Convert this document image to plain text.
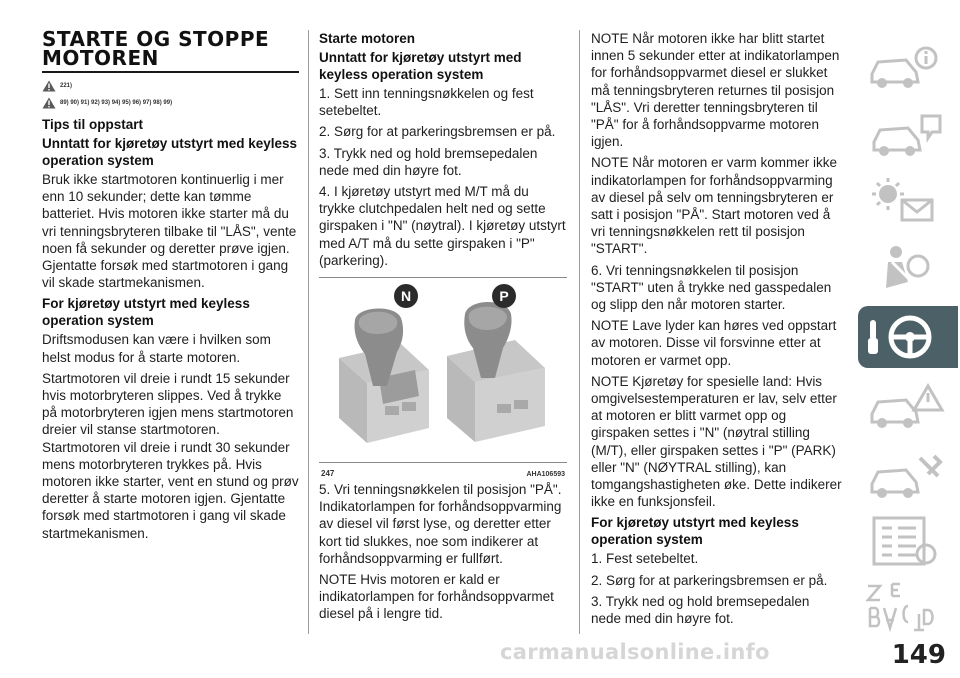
STARTE OG STOPPE
MOTOREN
221)
89) 90) 91) 92) 93) 94) 95) 96) 97) 98) 99)
Tips til oppstart
Unntatt for kjøretøy utstyrt med keyless operation system

Bruk ikke startmotoren kontinuerlig i mer enn 10 sekunder; dette kan tømme batteriet. Hvis motoren ikke starter må du vri tenningsbryteren tilbake til "LÅS", vente noen få sekunder og deretter prøve igjen. Gjentatte forsøk med startmotoren i gang vil skade startmekanismen.

For kjøretøy utstyrt med keyless operation system

Driftsmodusen kan være i hvilken som helst modus for å starte motoren.

Startmotoren vil dreie i rundt 15 sekunder hvis motorbryteren slippes. Ved å trykke på motorbryteren igjen mens startmotoren dreier vil stanse startmotoren. Startmotoren vil dreie i rundt 30 sekunder mens motorbryteren trykkes på. Hvis motoren ikke starter, vent en stund og prøv deretter å starte motoren igjen. Gjentatte forsøk med startmotoren i gang vil skade startmekanismen.

Starte motoren
Unntatt for kjøretøy utstyrt med keyless operation system

1. Sett inn tenningsnøkkelen og fest setebeltet.

2. Sørg for at parkeringsbremsen er på.

3. Trykk ned og hold bremsepedalen nede med din høyre fot.

4. I kjøretøy utstyrt med M/T må du trykke clutchpedalen helt ned og sette girspaken i "N" (nøytral). I kjøretøy utstyrt med A/T må du sette girspaken i "P" (parkering).

N	P
247	AHA106593

5. Vri tenningsnøkkelen til posisjon "PÅ". Indikatorlampen for forhåndsoppvarming av diesel vil først lyse, og deretter etter kort tid slukkes, noe som indikerer at forhåndsoppvarming er fullført.

NOTE Hvis motoren er kald er indikatorlampen for forhåndsoppvarmet diesel på i lengre tid.

NOTE Når motoren ikke har blitt startet innen 5 sekunder etter at indikatorlampen for forhåndsoppvarmet diesel er slukket må tenningsbryteren returnes til posisjon "LÅS". Vri deretter tenningsbryteren til "PÅ" for å forhåndsoppvarme motoren igjen.

NOTE Når motoren er varm kommer ikke indikatorlampen for forhåndsoppvarming av diesel på selv om tenningsbryteren er satt i posisjon "PÅ". Start motoren ved å vri tenningsnøkkelen rett til posisjon "START".

6. Vri tenningsnøkkelen til posisjon "START" uten å trykke ned gasspedalen og slipp den når motoren starter.

NOTE Lave lyder kan høres ved oppstart av motoren. Disse vil forsvinne etter at motoren er varmet opp.

NOTE Kjøretøy for spesielle land: Hvis omgivelsestemperaturen er lav, selv etter at motoren er blitt varmet opp og girspaken settes i "N" (nøytral stilling (M/T), eller girspaken settes i "P" (PARK) eller "N" (NØYTRAL stilling), kan tomgangshastigheten øke. Dette indikerer ikke en funksjonsfeil.

For kjøretøy utstyrt med keyless operation system

1. Fest setebeltet.

2. Sørg for at parkeringsbremsen er på.

3. Trykk ned og hold bremsepedalen nede med din høyre fot.

carmanualsonline.info	149
